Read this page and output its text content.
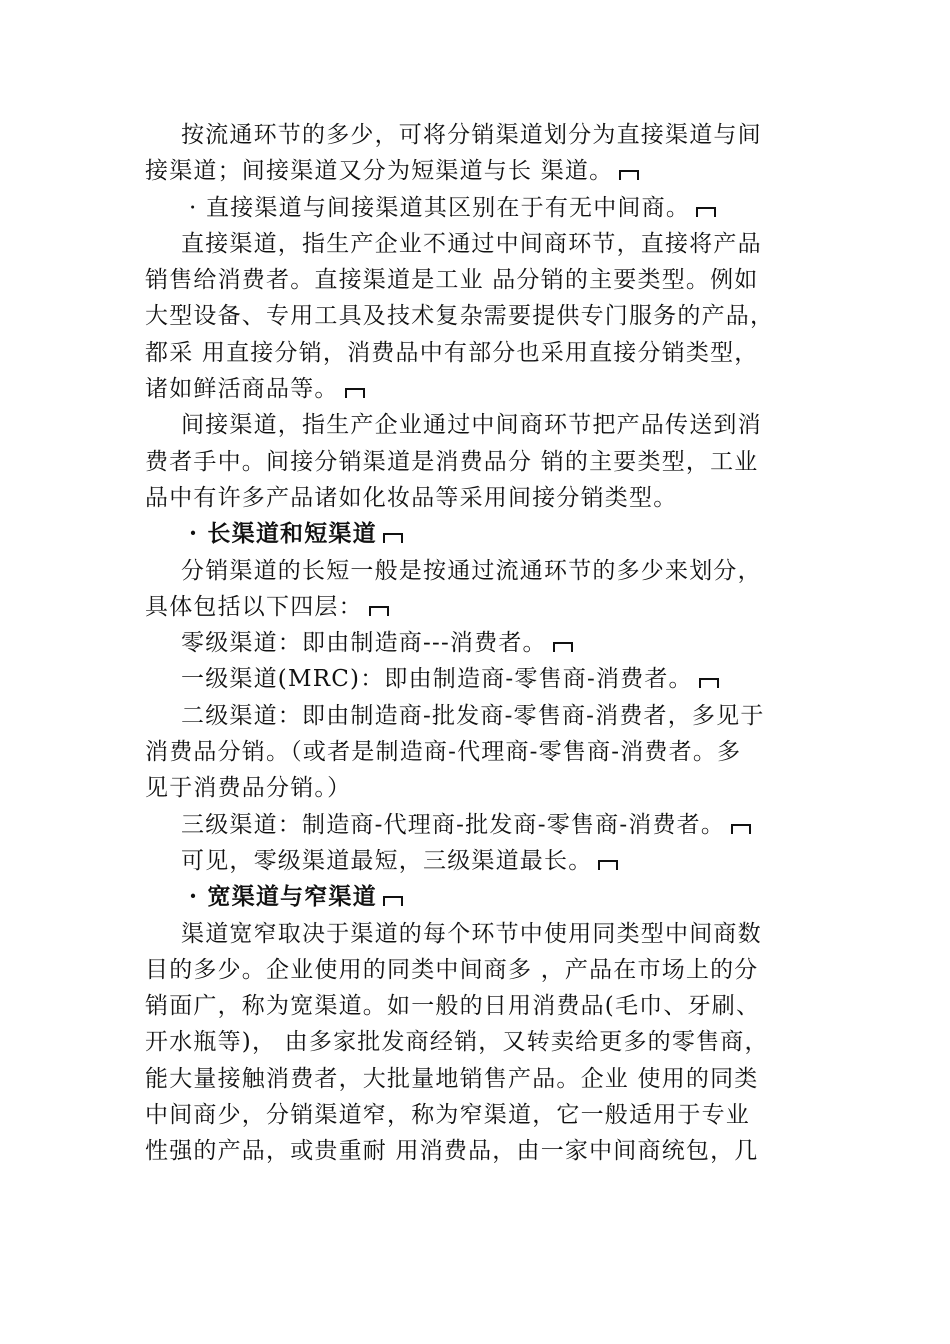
按流通环节的多少，可将分销渠道划分为直接渠道与间
接渠道；间接渠道又分为短渠道与长 渠道。
· 直接渠道与间接渠道其区别在于有无中间商。
直接渠道，指生产企业不通过中间商环节，直接将产品
销售给消费者。直接渠道是工业 品分销的主要类型。例如
大型设备、专用工具及技术复杂需要提供专门服务的产品，
都采 用直接分销，消费品中有部分也采用直接分销类型，
诸如鲜活商品等。
间接渠道，指生产企业通过中间商环节把产品传送到消
费者手中。间接分销渠道是消费品分 销的主要类型，工业
品中有许多产品诸如化妆品等采用间接分销类型。
· 长渠道和短渠道
分销渠道的长短一般是按通过流通环节的多少来划分，
具体包括以下四层：
零级渠道：即由制造商---消费者。
一级渠道(MRC)：即由制造商-零售商-消费者。
二级渠道：即由制造商-批发商-零售商-消费者，多见于
消费品分销。（或者是制造商-代理商-零售商-消费者。多
见于消费品分销。）
三级渠道：制造商-代理商-批发商-零售商-消费者。
可见，零级渠道最短，三级渠道最长。
· 宽渠道与窄渠道
渠道宽窄取决于渠道的每个环节中使用同类型中间商数
目的多少。企业使用的同类中间商多 ，产品在市场上的分
销面广，称为宽渠道。如一般的日用消费品(毛巾、牙刷、
开水瓶等)， 由多家批发商经销，又转卖给更多的零售商，
能大量接触消费者，大批量地销售产品。企业 使用的同类
中间商少，分销渠道窄，称为窄渠道，它一般适用于专业
性强的产品，或贵重耐 用消费品，由一家中间商统包，几
